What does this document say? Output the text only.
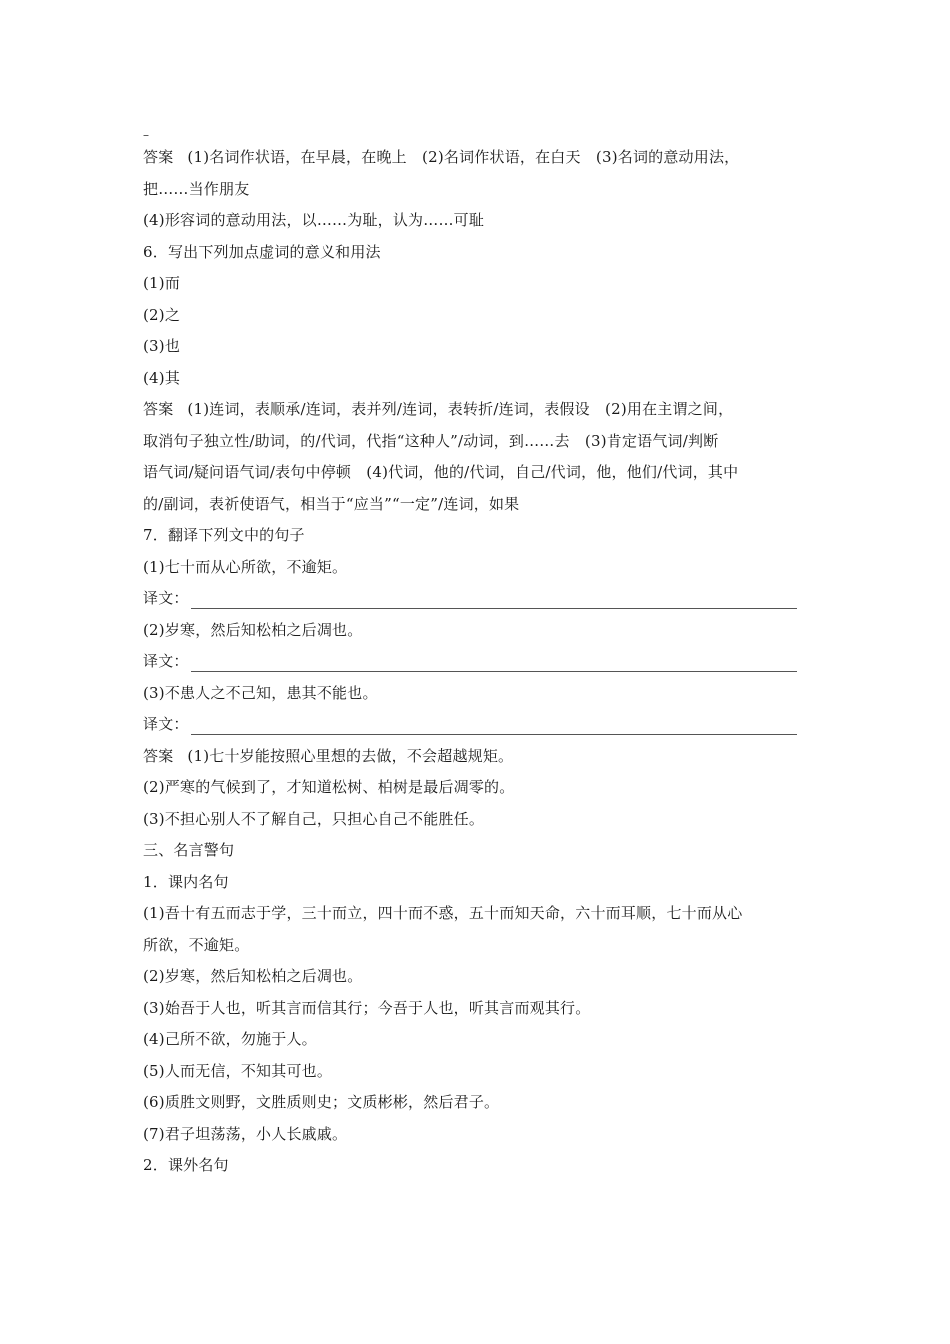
–
答案 (1)名词作状语，在早晨，在晚上　(2)名词作状语，在白天　(3)名词的意动用法，
把……当作朋友
(4)形容词的意动用法，以……为耻，认为……可耻
6．写出下列加点虚词的意义和用法
(1)而
(2)之
(3)也
(4)其
答案 (1)连词，表顺承/连词，表并列/连词，表转折/连词，表假设　(2)用在主谓之间，
取消句子独立性/助词，的/代词，代指“这种人”/动词，到……去　(3)肯定语气词/判断
语气词/疑问语气词/表句中停顿　(4)代词，他的/代词，自己/代词，他，他们/代词，其中
的/副词，表祈使语气，相当于“应当”“一定”/连词，如果
7．翻译下列文中的句子
(1)七十而从心所欲，不逾矩。
译文：
(2)岁寒，然后知松柏之后凋也。
译文：
(3)不患人之不己知，患其不能也。
译文：
答案 (1)七十岁能按照心里想的去做，不会超越规矩。
(2)严寒的气候到了，才知道松树、柏树是最后凋零的。
(3)不担心别人不了解自己，只担心自己不能胜任。
三、名言警句
1．课内名句
(1)吾十有五而志于学，三十而立，四十而不惑，五十而知天命，六十而耳顺，七十而从心
所欲，不逾矩。
(2)岁寒，然后知松柏之后凋也。
(3)始吾于人也，听其言而信其行；今吾于人也，听其言而观其行。
(4)己所不欲，勿施于人。
(5)人而无信，不知其可也。
(6)质胜文则野，文胜质则史；文质彬彬，然后君子。
(7)君子坦荡荡，小人长戚戚。
2．课外名句
